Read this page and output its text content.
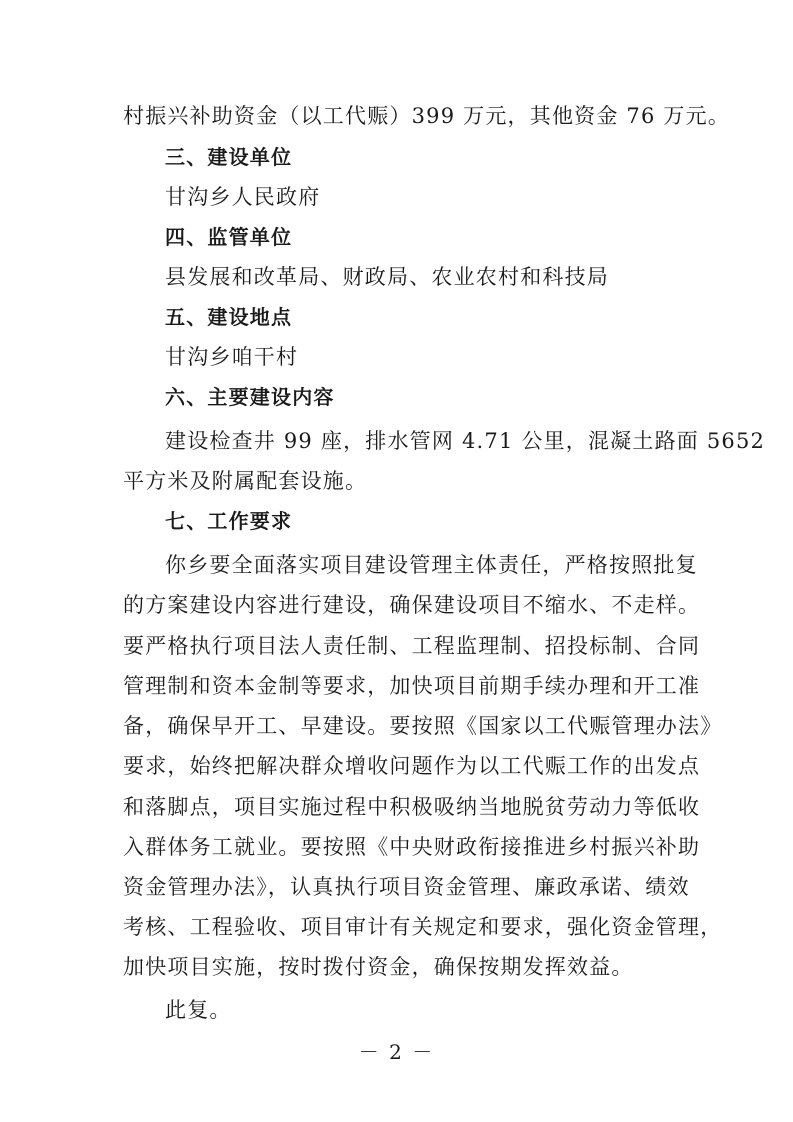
村振兴补助资金（以工代赈）399 万元，其他资金 76 万元。
三、建设单位
甘沟乡人民政府
四、监管单位
县发展和改革局、财政局、农业农村和科技局
五、建设地点
甘沟乡咱干村
六、主要建设内容
建设检查井 99 座，排水管网 4.71 公里，混凝土路面 5652
平方米及附属配套设施。
七、工作要求
你乡要全面落实项目建设管理主体责任，严格按照批复
的方案建设内容进行建设，确保建设项目不缩水、不走样。
要严格执行项目法人责任制、工程监理制、招投标制、合同
管理制和资本金制等要求，加快项目前期手续办理和开工准
备，确保早开工、早建设。要按照《国家以工代赈管理办法》
要求，始终把解决群众增收问题作为以工代赈工作的出发点
和落脚点，项目实施过程中积极吸纳当地脱贫劳动力等低收
入群体务工就业。要按照《中央财政衔接推进乡村振兴补助
资金管理办法》，认真执行项目资金管理、廉政承诺、绩效
考核、工程验收、项目审计有关规定和要求，强化资金管理，
加快项目实施，按时拨付资金，确保按期发挥效益。
此复。
－ 2 －
